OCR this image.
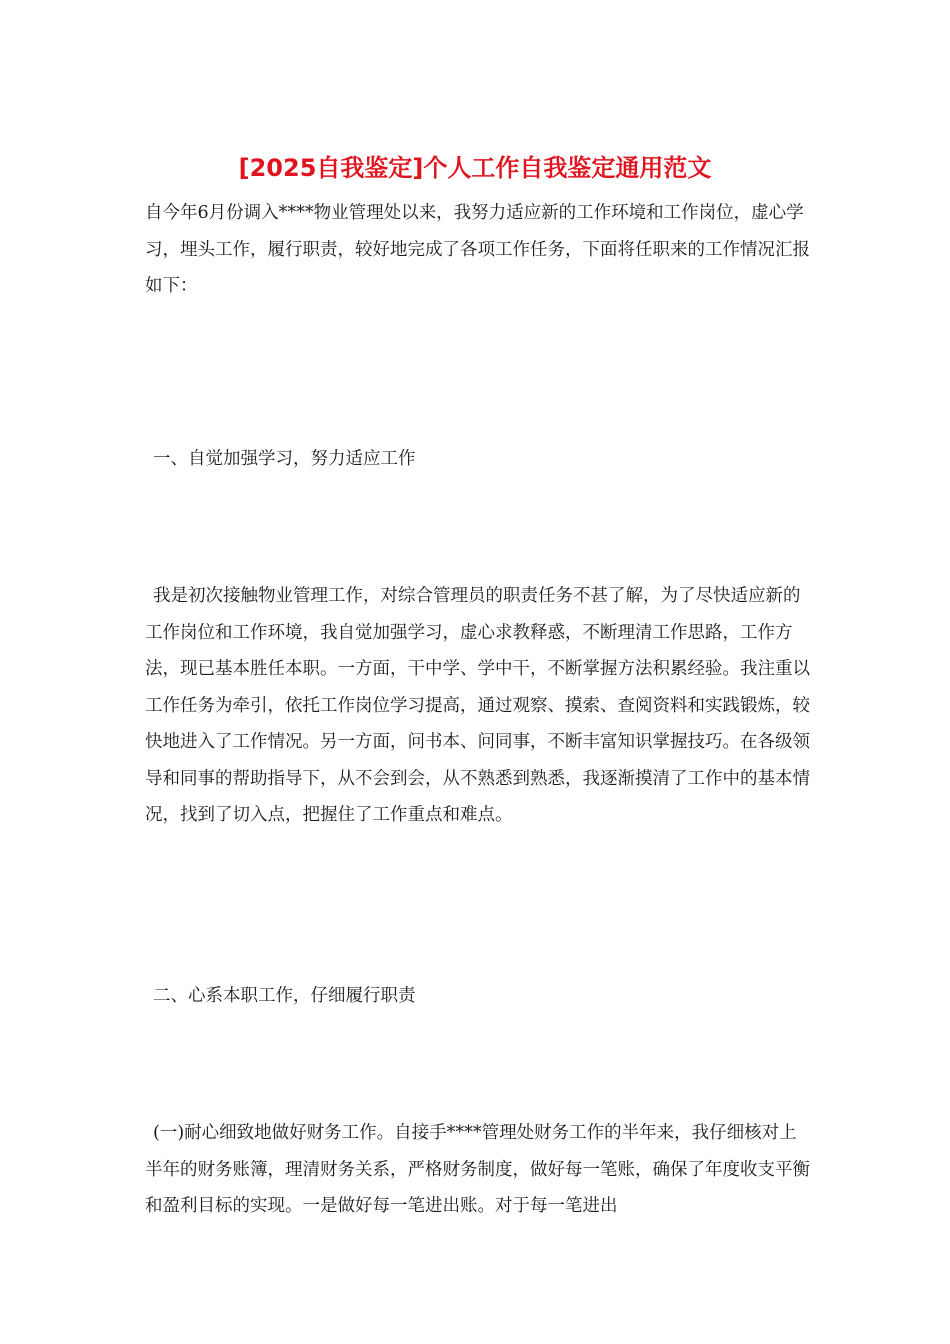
[2025自我鉴定]个人工作自我鉴定通用范文

自今年6月份调入****物业管理处以来，我努力适应新的工作环境和工作岗位，虚心学习，埋头工作，履行职责，较好地完成了各项工作任务，下面将任职来的工作情况汇报如下：

一、自觉加强学习，努力适应工作

我是初次接触物业管理工作，对综合管理员的职责任务不甚了解，为了尽快适应新的工作岗位和工作环境，我自觉加强学习，虚心求教释惑，不断理清工作思路，工作方法，现已基本胜任本职。一方面，干中学、学中干，不断掌握方法积累经验。我注重以工作任务为牵引，依托工作岗位学习提高，通过观察、摸索、查阅资料和实践锻炼，较快地进入了工作情况。另一方面，问书本、问同事，不断丰富知识掌握技巧。在各级领导和同事的帮助指导下，从不会到会，从不熟悉到熟悉，我逐渐摸清了工作中的基本情况，找到了切入点，把握住了工作重点和难点。

二、心系本职工作，仔细履行职责

(一)耐心细致地做好财务工作。自接手****管理处财务工作的半年来，我仔细核对上半年的财务账簿，理清财务关系，严格财务制度，做好每一笔账，确保了年度收支平衡和盈利目标的实现。一是做好每一笔进出账。对于每一笔进出
